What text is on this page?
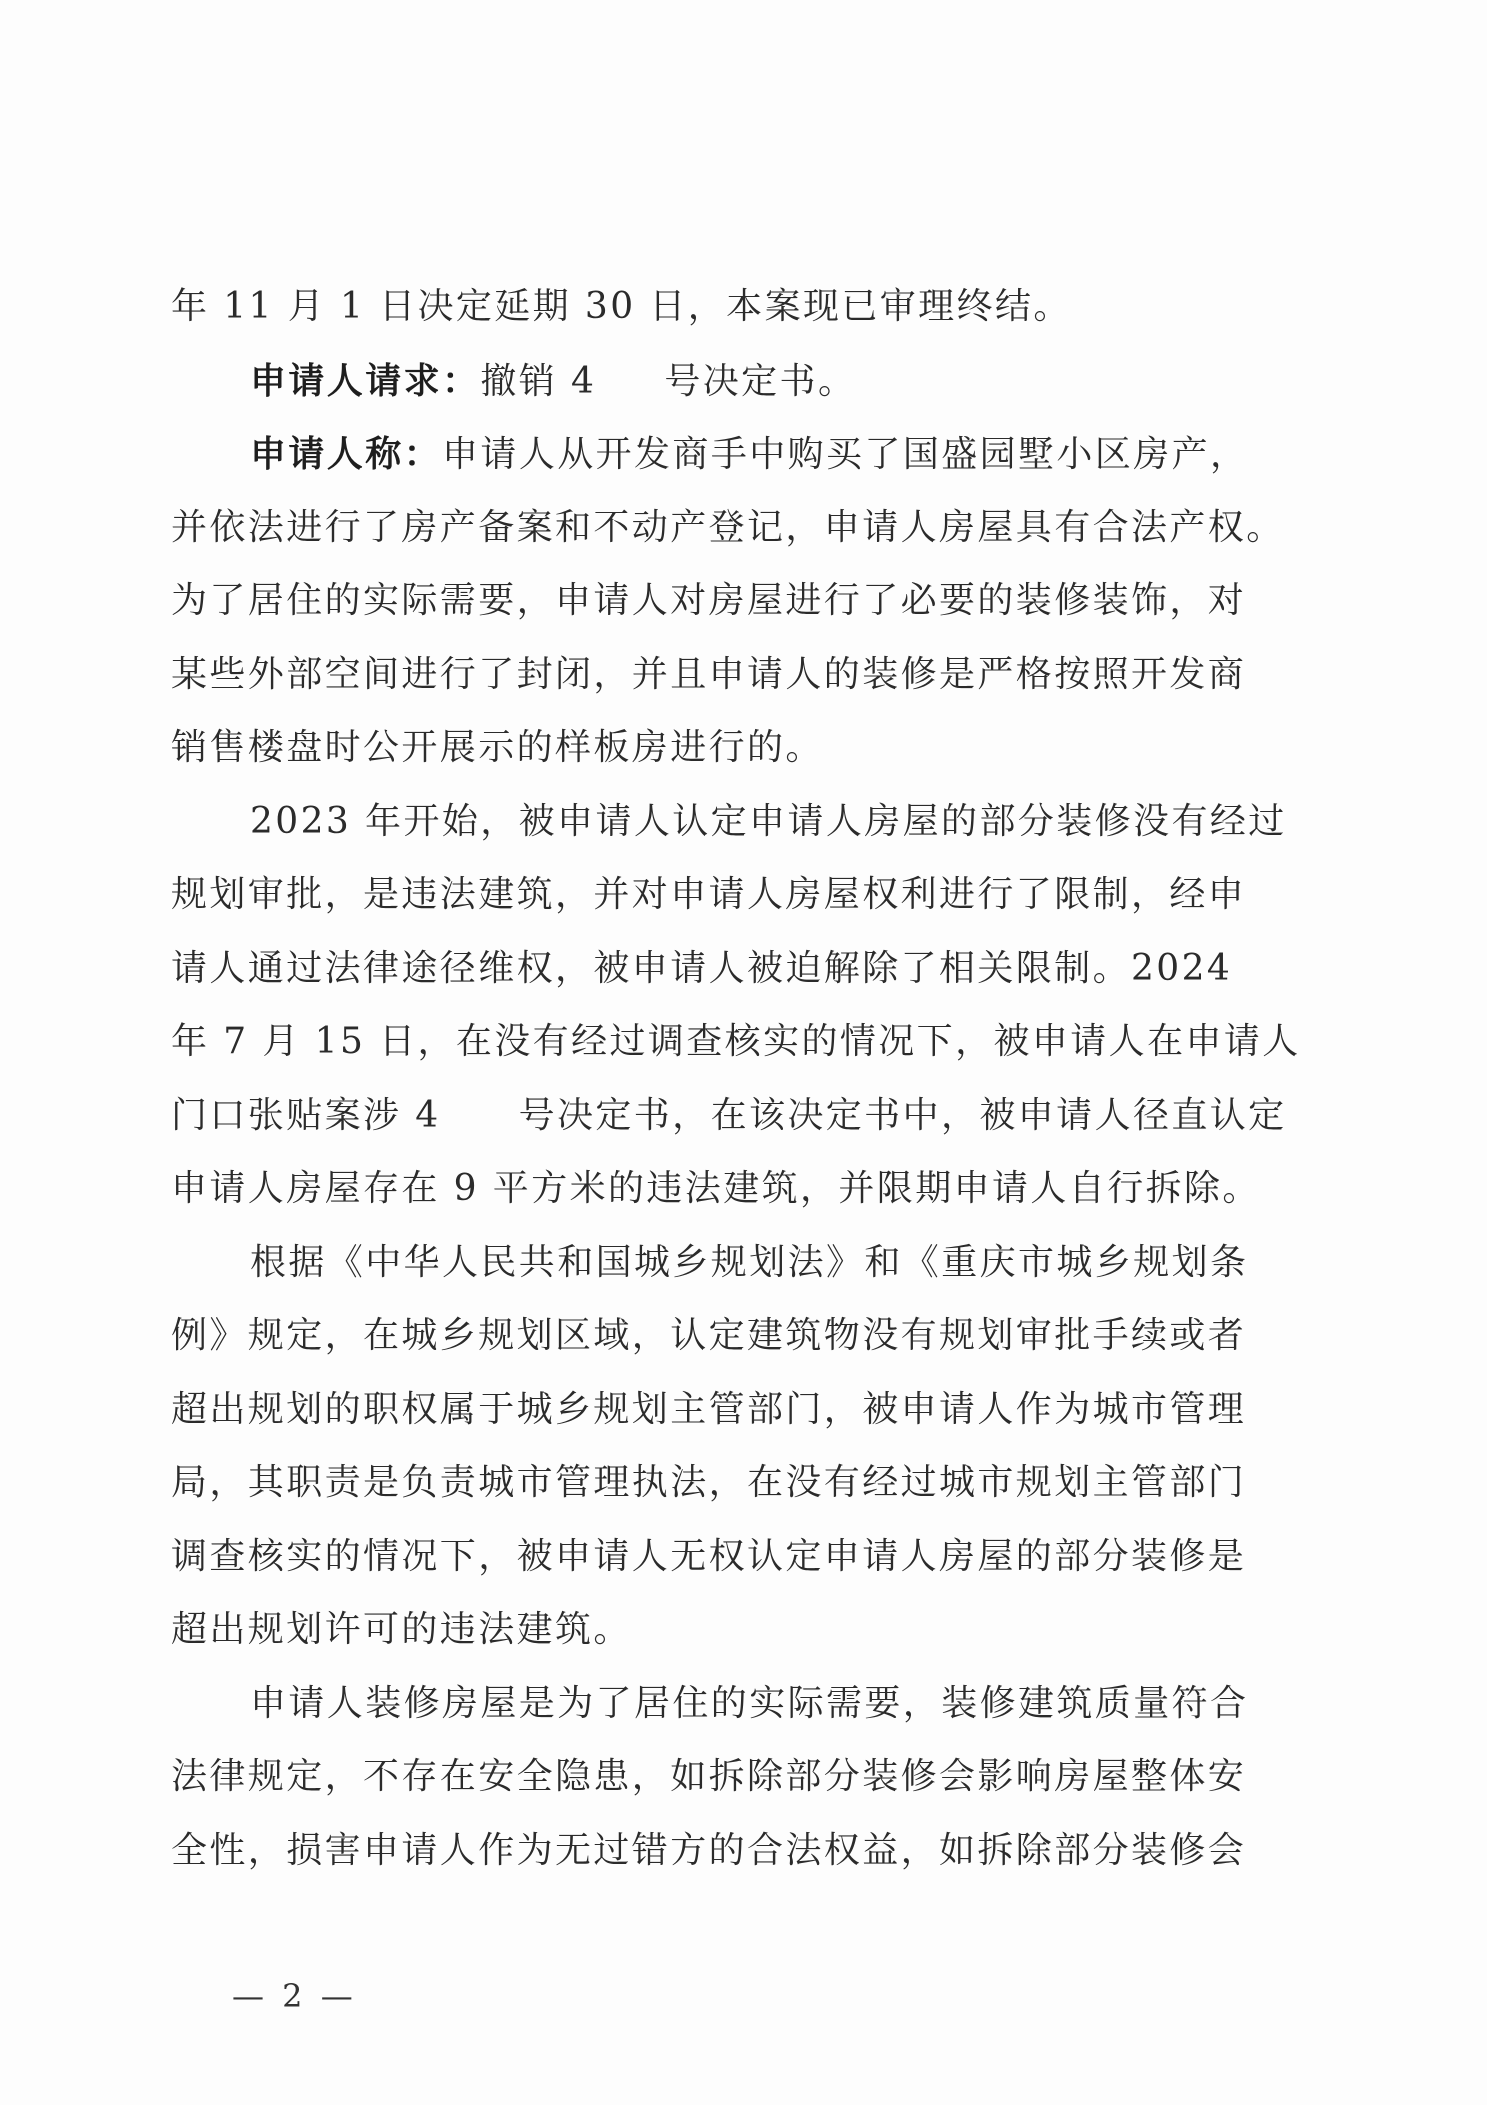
年 11 月 1 日决定延期 30 日，本案现已审理终结。
申请人请求：撤销 4 号决定书。
申请人称：申请人从开发商手中购买了国盛园墅小区房产，
并依法进行了房产备案和不动产登记，申请人房屋具有合法产权。
为了居住的实际需要，申请人对房屋进行了必要的装修装饰，对
某些外部空间进行了封闭，并且申请人的装修是严格按照开发商
销售楼盘时公开展示的样板房进行的。
2023 年开始，被申请人认定申请人房屋的部分装修没有经过
规划审批，是违法建筑，并对申请人房屋权利进行了限制，经申
请人通过法律途径维权，被申请人被迫解除了相关限制。2024
年 7 月 15 日，在没有经过调查核实的情况下，被申请人在申请人
门口张贴案涉 4 号决定书，在该决定书中，被申请人径直认定
申请人房屋存在 9 平方米的违法建筑，并限期申请人自行拆除。
根据《中华人民共和国城乡规划法》和《重庆市城乡规划条
例》规定，在城乡规划区域，认定建筑物没有规划审批手续或者
超出规划的职权属于城乡规划主管部门，被申请人作为城市管理
局，其职责是负责城市管理执法，在没有经过城市规划主管部门
调查核实的情况下，被申请人无权认定申请人房屋的部分装修是
超出规划许可的违法建筑。
申请人装修房屋是为了居住的实际需要，装修建筑质量符合
法律规定，不存在安全隐患，如拆除部分装修会影响房屋整体安
全性，损害申请人作为无过错方的合法权益，如拆除部分装修会
— 2 —
